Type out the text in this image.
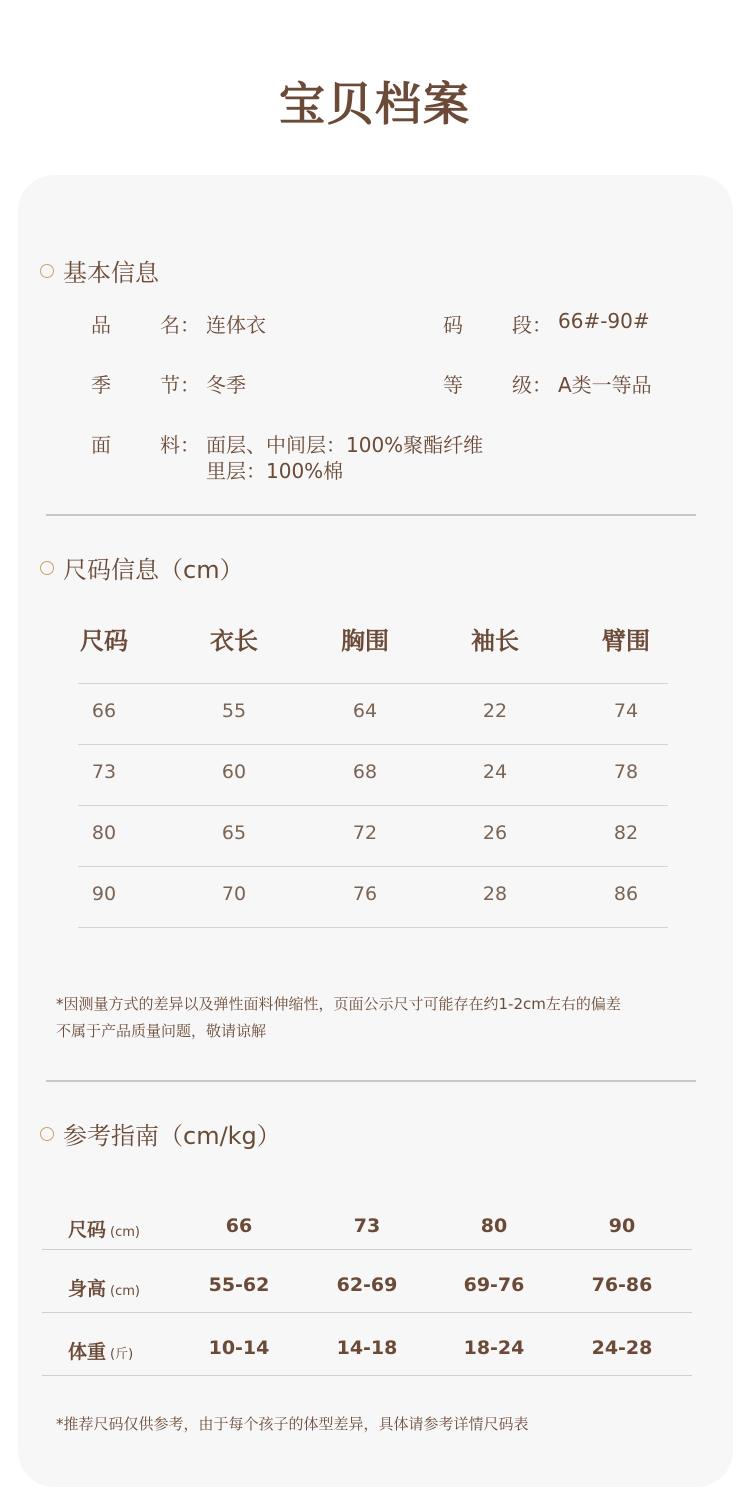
宝贝档案
基本信息
品 名： 连体衣	码 段： 66#-90#
季 节： 冬季	等 级： A类一等品
面 料： 面层、中间层：100%聚酯纤维
里层：100%棉
尺码信息（cm）
尺码	衣长	胸围	袖长	臂围
66	55	64	22	74
73	60	68	24	78
80	65	72	26	82
90	70	76	28	86
*因测量方式的差异以及弹性面料伸缩性，页面公示尺寸可能存在约1-2cm左右的偏差
不属于产品质量问题，敬请谅解
参考指南（cm/kg）
尺码 (cm)	66	73	80	90
身高 (cm)	55-62	62-69	69-76	76-86
体重 (斤)	10-14	14-18	18-24	24-28
*推荐尺码仅供参考，由于每个孩子的体型差异，具体请参考详情尺码表
